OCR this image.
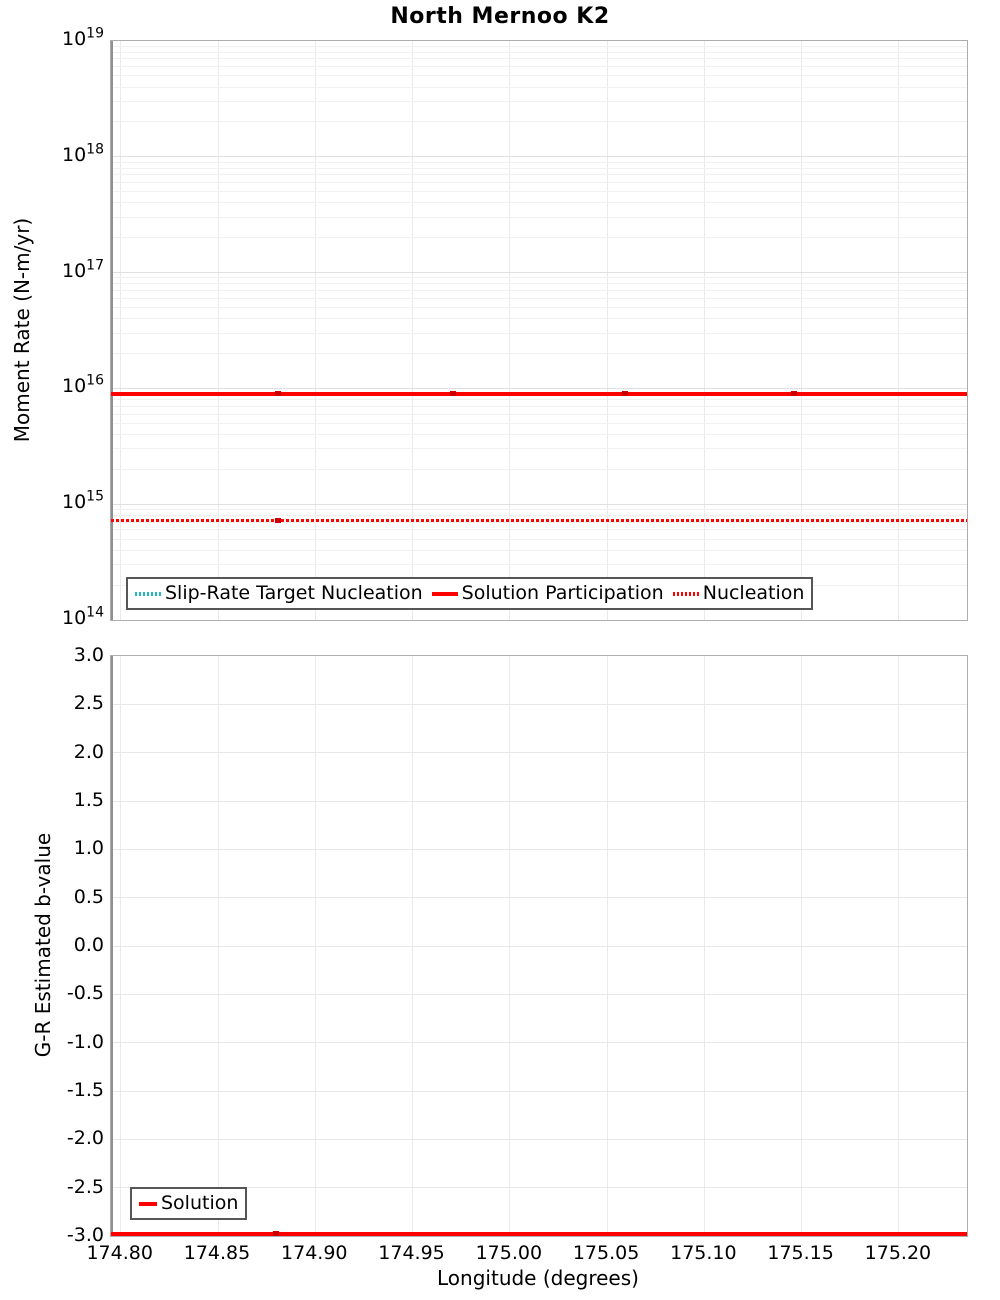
North Mernoo K2
Moment Rate (N-m/yr)
G-R Estimated b-value
Longitude (degrees)
Slip-Rate Target Nucleation Solution Participation Nucleation
Solution
$10^{19}$
$10^{18}$
$10^{17}$
$10^{16}$
$10^{15}$
$10^{14}$
3.0
2.5
2.0
1.5
1.0
0.5
0.0
-0.5
-1.0
-1.5
-2.0
-2.5
-3.0
174.80	174.85	174.90	174.95	175.00	175.05	175.10	175.15	175.20
